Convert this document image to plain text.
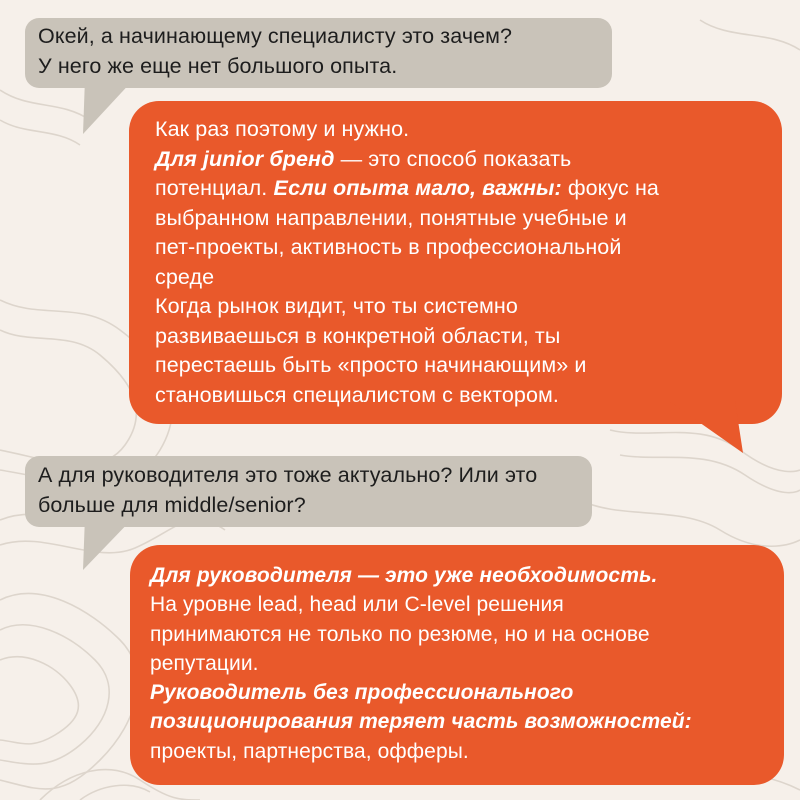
Окей, а начинающему специалисту это зачем?
У него же еще нет большого опыта.
Как раз поэтому и нужно.
Для junior бренд — это способ показать
потенциал. Если опыта мало, важны: фокус на
выбранном направлении, понятные учебные и
пет-проекты, активность в профессиональной
среде
Когда рынок видит, что ты системно
развиваешься в конкретной области, ты
перестаешь быть «просто начинающим» и
становишься специалистом с вектором.
А для руководителя это тоже актуально? Или это
больше для middle/senior?
Для руководителя — это уже необходимость.
На уровне lead, head или C-level решения
принимаются не только по резюме, но и на основе
репутации.
Руководитель без профессионального
позиционирования теряет часть возможностей:
проекты, партнерства, офферы.
